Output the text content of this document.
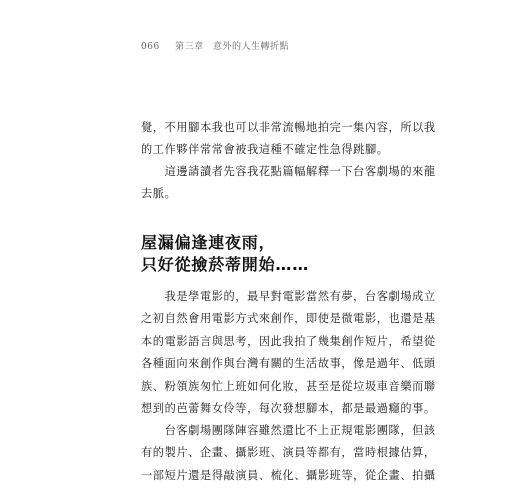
066 第三章 意外的人生轉折點
覺，不用腳本我也可以非常流暢地拍完一集內容，所以我
的工作夥伴常常會被我這種不確定性急得跳腳。
　　這邊請讀者先容我花點篇幅解釋一下台客劇場的來龍
去脈。
屋漏偏逢連夜雨，
只好從撿菸蒂開始……
　　我是學電影的，最早對電影當然有夢，台客劇場成立
之初自然會用電影方式來創作，即使是微電影，也還是基
本的電影語言與思考，因此我拍了幾集創作短片，希望從
各種面向來創作與台灣有關的生活故事，像是過年、低頭
族、粉領族匆忙上班如何化妝，甚至是從垃圾車音樂而聯
想到的芭蕾舞女伶等，每次發想腳本，都是最過癮的事。
　　台客劇場團隊陣容雖然還比不上正規電影團隊，但該
有的製片、企畫、攝影班、演員等都有，當時根據估算，
一部短片還是得敲演員、梳化、攝影班等，從企畫、拍攝
